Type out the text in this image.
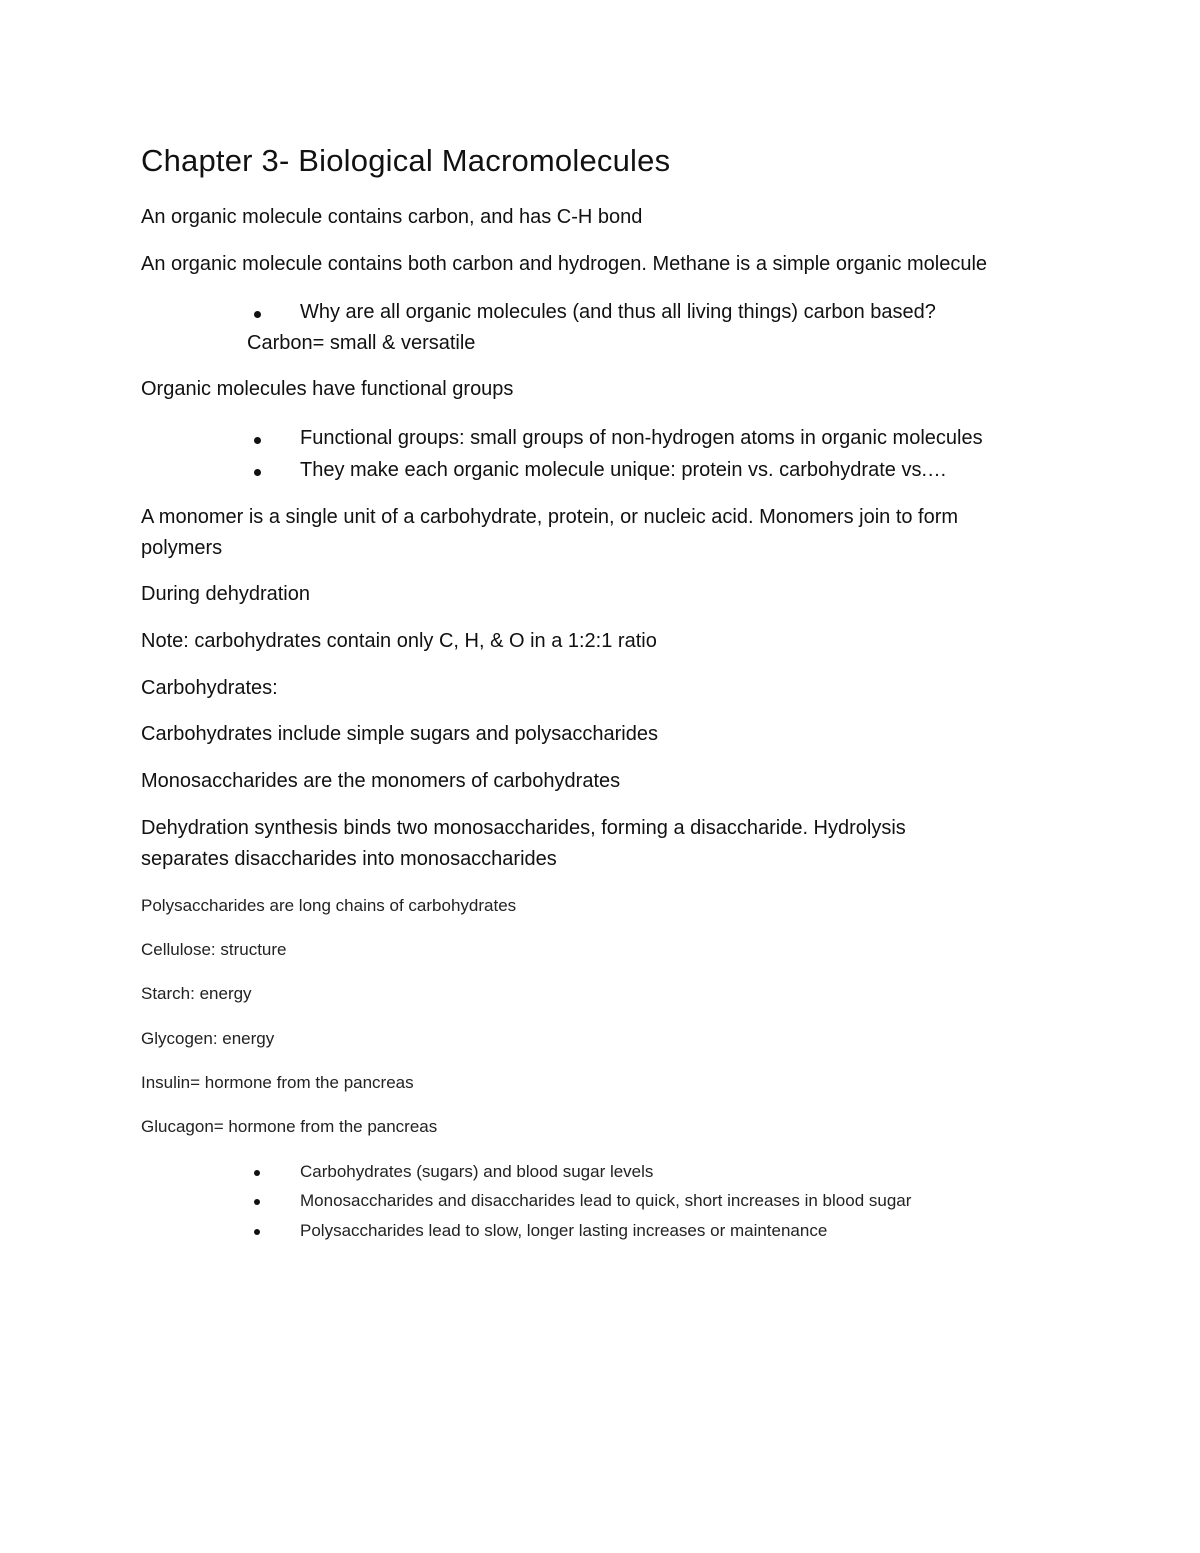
Chapter 3- Biological Macromolecules

An organic molecule contains carbon, and has C-H bond

An organic molecule contains both carbon and hydrogen. Methane is a simple organic molecule

Why are all organic molecules (and thus all living things) carbon based?

Carbon= small & versatile

Organic molecules have functional groups

Functional groups: small groups of non-hydrogen atoms in organic molecules
They make each organic molecule unique: protein vs. carbohydrate vs.…

A monomer is a single unit of a carbohydrate, protein, or nucleic acid. Monomers join to form

polymers

During dehydration

Note: carbohydrates contain only C, H, & O in a 1:2:1 ratio

Carbohydrates:

Carbohydrates include simple sugars and polysaccharides

Monosaccharides are the monomers of carbohydrates

Dehydration synthesis binds two monosaccharides, forming a disaccharide. Hydrolysis

separates disaccharides into monosaccharides

Polysaccharides are long chains of carbohydrates

Cellulose: structure

Starch: energy

Glycogen: energy

Insulin= hormone from the pancreas

Glucagon= hormone from the pancreas

Carbohydrates (sugars) and blood sugar levels
Monosaccharides and disaccharides lead to quick, short increases in blood sugar
Polysaccharides lead to slow, longer lasting increases or maintenance
